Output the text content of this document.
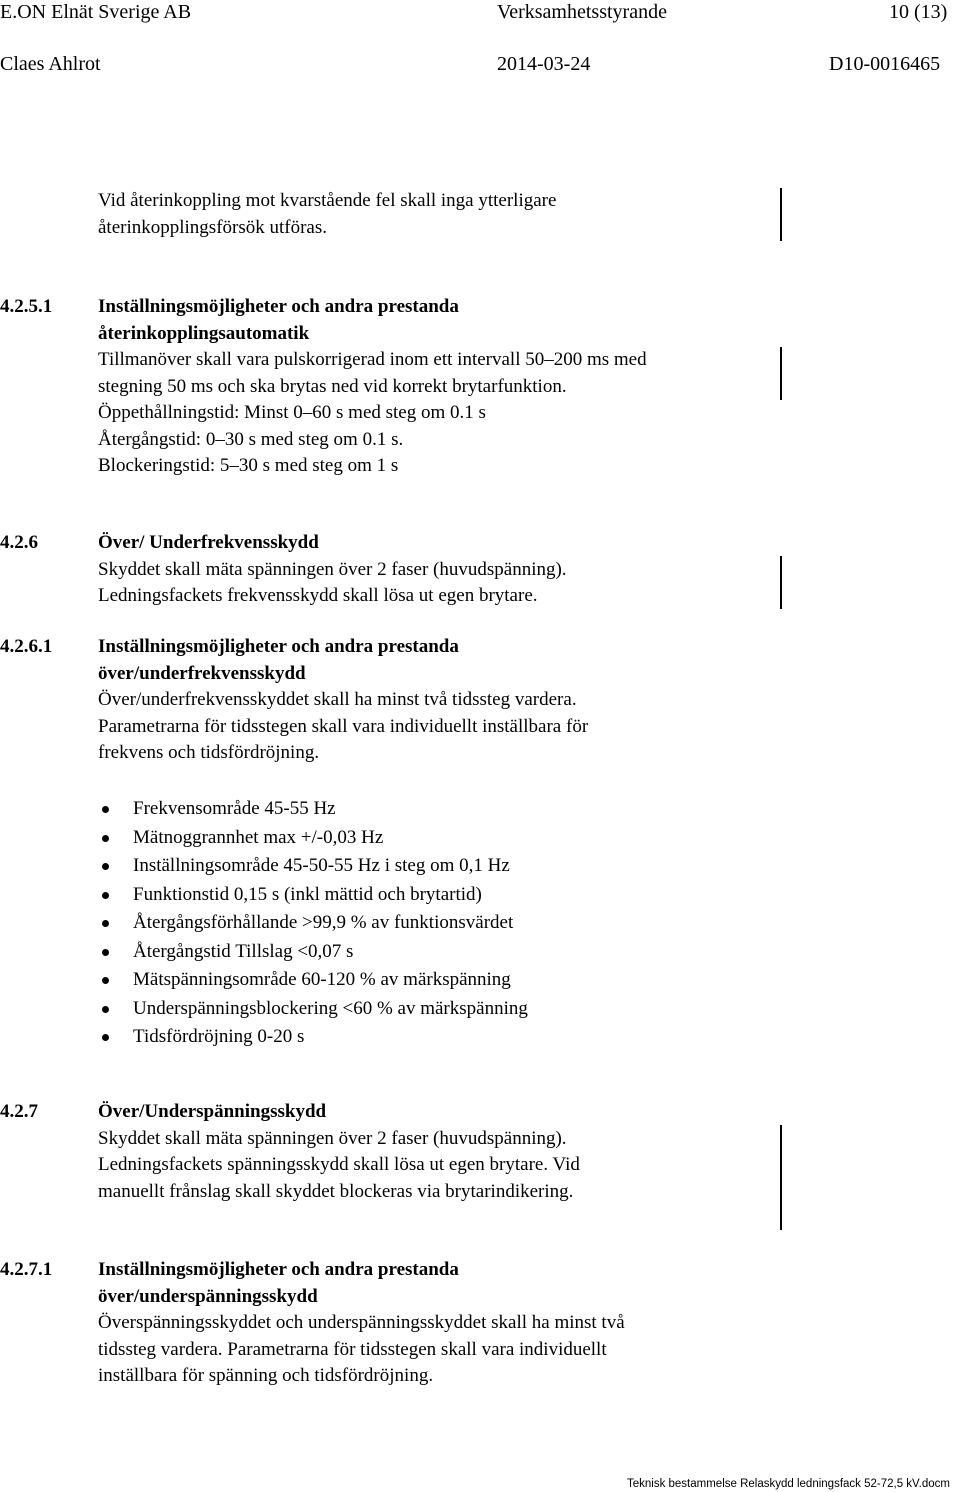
E.ON Elnät Sverige AB	Verksamhetsstyrande	10 (13)
Claes Ahlrot	2014-03-24	D10-0016465
Vid återinkoppling mot kvarstående fel skall inga ytterligare
återinkopplingsförsök utföras.
4.2.5.1 Inställningsmöjligheter och andra prestanda
återinkopplingsautomatik
Tillmanöver skall vara pulskorrigerad inom ett intervall 50–200 ms med
stegning 50 ms och ska brytas ned vid korrekt brytarfunktion.
Öppethållningstid: Minst 0–60 s med steg om 0.1 s
Återgångstid: 0–30 s med steg om 0.1 s.
Blockeringstid: 5–30 s med steg om 1 s
4.2.6	Över/ Underfrekvensskydd
Skyddet skall mäta spänningen över 2 faser (huvudspänning).
Ledningsfackets frekvensskydd skall lösa ut egen brytare.
4.2.6.1 Inställningsmöjligheter och andra prestanda
över/underfrekvensskydd
Över/underfrekvensskyddet skall ha minst två tidssteg vardera.
Parametrarna för tidsstegen skall vara individuellt inställbara för
frekvens och tidsfördröjning.
Frekvensområde 45-55 Hz
Mätnoggrannhet max +/-0,03 Hz
Inställningsområde 45-50-55 Hz i steg om 0,1 Hz
Funktionstid 0,15 s (inkl mättid och brytartid)
Återgångsförhållande >99,9 % av funktionsvärdet
Återgångstid Tillslag <0,07 s
Mätspänningsområde 60-120 % av märkspänning
Underspänningsblockering <60 % av märkspänning
Tidsfördröjning 0-20 s
4.2.7	Över/Underspänningsskydd
Skyddet skall mäta spänningen över 2 faser (huvudspänning).
Ledningsfackets spänningsskydd skall lösa ut egen brytare. Vid
manuellt frånslag skall skyddet blockeras via brytarindikering.
4.2.7.1 Inställningsmöjligheter och andra prestanda
över/underspänningsskydd
Överspänningsskyddet och underspänningsskyddet skall ha minst två
tidssteg vardera. Parametrarna för tidsstegen skall vara individuellt
inställbara för spänning och tidsfördröjning.
Teknisk bestammelse Relaskydd ledningsfack 52-72,5 kV.docm
